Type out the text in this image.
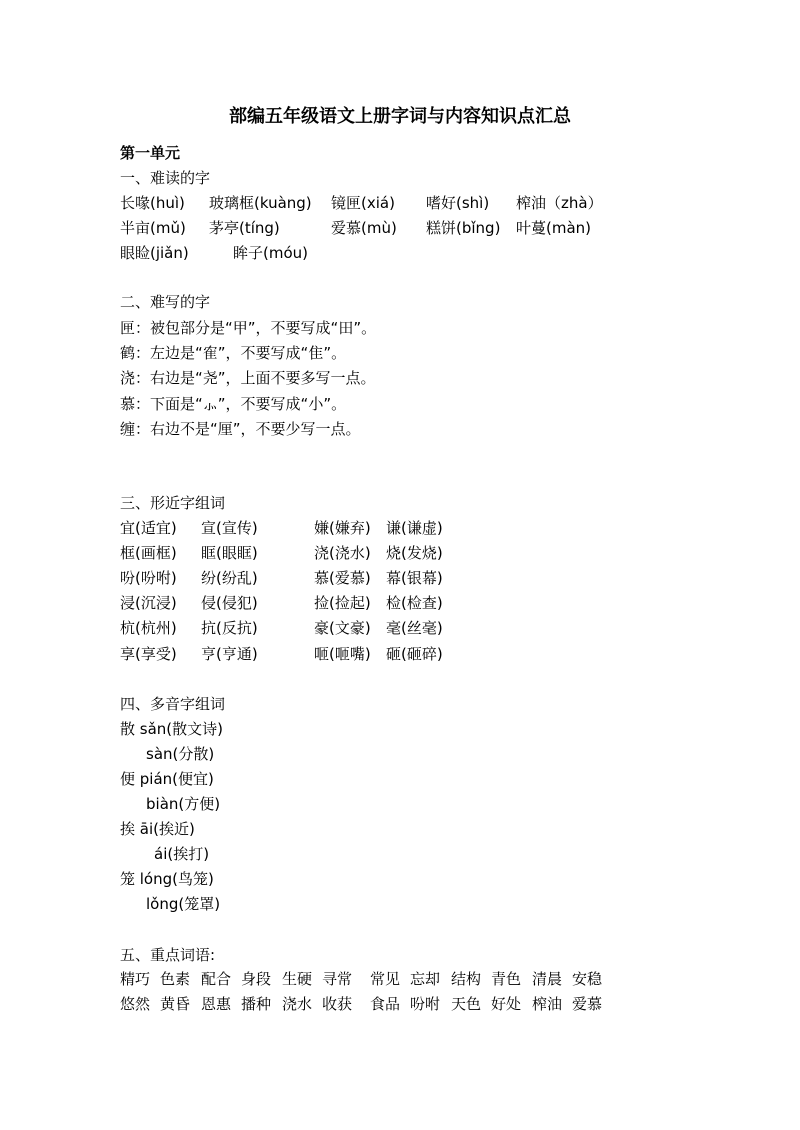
部编五年级语文上册字词与内容知识点汇总
第一单元
一、难读的字
长喙(huì) 玻璃框(kuàng) 镜匣(xiá) 嗜好(shì) 榨油（zhà）
半亩(mǔ) 茅亭(tíng)	爱慕(mù) 糕饼(bǐng) 叶蔓(màn)
眼睑(jiǎn)	眸子(móu)
二、难写的字
匣：被包部分是“甲”，不要写成“田”。
鹤：左边是“隺”，不要写成“隹”。
浇：右边是“尧”，上面不要多写一点。
慕：下面是“⺗”，不要写成“小”。
缠：右边不是“厘”，不要少写一点。
三、形近字组词
宜(适宜) 宣(宣传)	嫌(嫌弃) 谦(谦虚)
框(画框) 眶(眼眶)	浇(浇水) 烧(发烧)
吩(吩咐) 纷(纷乱)	慕(爱慕) 幕(银幕)
浸(沉浸) 侵(侵犯)	捡(捡起) 检(检查)
杭(杭州) 抗(反抗)	豪(文豪) 毫(丝毫)
享(享受) 亨(亨通)	咂(咂嘴) 砸(砸碎)
四、多音字组词
散 sǎn(散文诗)
sàn(分散)
便 pián(便宜)
biàn(方便)
挨 āi(挨近)
ái(挨打)
笼 lóng(鸟笼)
lǒng(笼罩)
五、重点词语:
精巧 色素 配合 身段 生硬 寻常 常见 忘却 结构 青色 清晨 安稳
悠然 黄昏 恩惠 播种 浇水 收获 食品 吩咐 天色 好处 榨油 爱慕
